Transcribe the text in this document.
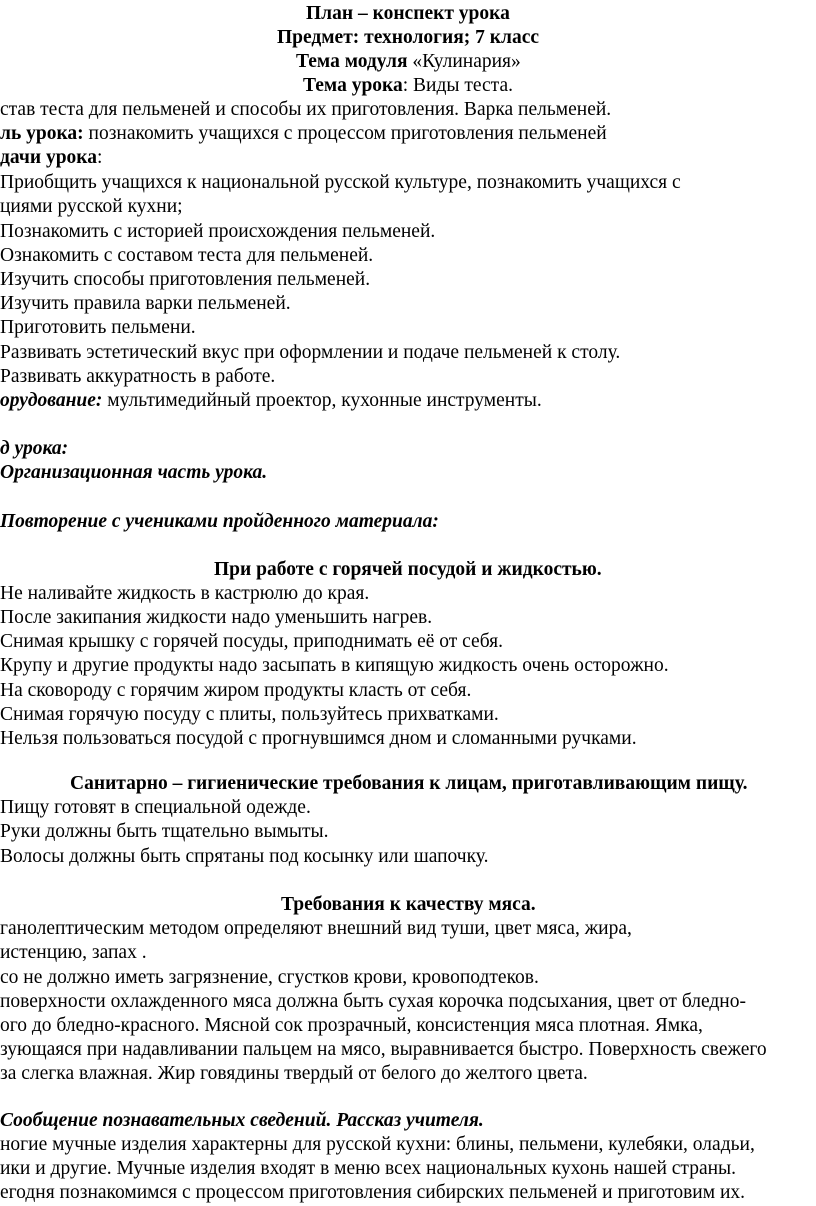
План – конспект урока
Предмет: технология; 7 класс
Тема модуля «Кулинария»
Тема урока: Виды теста.
став теста для пельменей и способы их приготовления. Варка пельменей.
ль урока: познакомить учащихся с процессом приготовления пельменей
дачи урока:
Приобщить учащихся к национальной русской культуре, познакомить учащихся с
циями русской кухни;
Познакомить с историей происхождения пельменей.
Ознакомить с составом теста для пельменей.
Изучить способы приготовления пельменей.
Изучить правила варки пельменей.
Приготовить пельмени.
Развивать эстетический вкус при оформлении и подаче пельменей к столу.
Развивать аккуратность в работе.
орудование: мультимедийный проектор, кухонные инструменты.
д урока:
Организационная часть урока.
Повторение с учениками пройденного материала:
При работе с горячей посудой и жидкостью.
Не наливайте жидкость в кастрюлю до края.
После закипания жидкости надо уменьшить нагрев.
Снимая крышку с горячей посуды, приподнимать её от себя.
Крупу и другие продукты надо засыпать в кипящую жидкость очень осторожно.
На сковороду с горячим жиром продукты класть от себя.
Снимая горячую посуду с плиты, пользуйтесь прихватками.
Нельзя пользоваться посудой с прогнувшимся дном и сломанными ручками.
Санитарно – гигиенические требования к лицам, приготавливающим пищу.
Пищу готовят в специальной одежде.
Руки должны быть тщательно вымыты.
Волосы должны быть спрятаны под косынку или шапочку.
Требования к качеству мяса.
ганолептическим методом определяют внешний вид туши, цвет мяса, жира,
истенцию, запах .
со не должно иметь загрязнение, сгустков крови, кровоподтеков.
поверхности охлажденного мяса должна быть сухая корочка подсыхания, цвет от бледно-
ого до бледно-красного. Мясной сок прозрачный, консистенция мяса плотная. Ямка,
зующаяся при надавливании пальцем на мясо, выравнивается быстро. Поверхность свежего
за слегка влажная. Жир говядины твердый от белого до желтого цвета.
Сообщение познавательных сведений. Рассказ учителя.
ногие мучные изделия характерны для русской кухни: блины, пельмени, кулебяки, оладьи,
ики и другие. Мучные изделия входят в меню всех национальных кухонь нашей страны.
егодня познакомимся с процессом приготовления сибирских пельменей и приготовим их.
